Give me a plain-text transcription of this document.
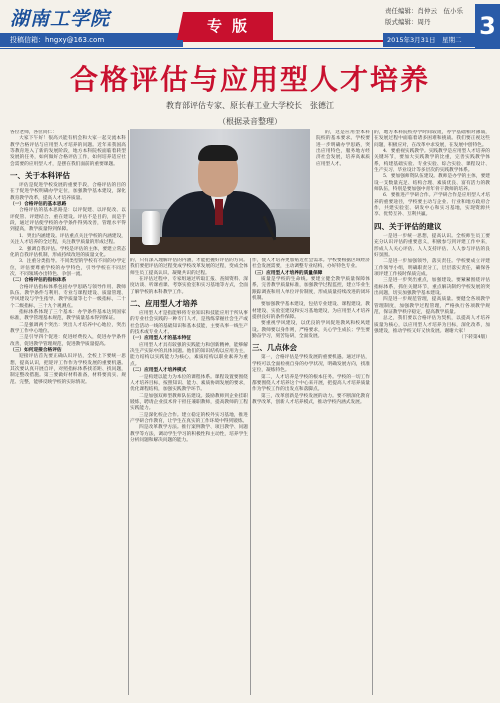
湖南工学院
投稿信箱：hngxy@163.com
专版
责任编辑：肖仲云　伍小乐
版式编辑：周丹
2015年3月31日　星期二 3
合格评估与应用型人才培养
教育部评估专家、原长春工业大学校长　张德江
（根据录音整理）

各位老师，各位同仁：

大家下午好！很高兴能有机会和大家一起交流本科教学合格评估与应用型人才培养的问题。近年来我国高等教育进入了新的发展阶段，地方本科院校面临着转型发展的任务，如何做好合格评估工作，如何培养适应社会需要的应用型人才，是摆在我们面前的重要课题。

一、关于本科评估

评估是促进学校发展的重要手段，合格评估的目的在于促进学校明确办学定位，加强教学基本建设，深化教育教学改革，提高人才培养质量。

（一）合格评估的基本思路

合格评估的基本思路是：以评促建、以评促改、以评促管、评建结合、重在建设。评估不是目的，而是手段，通过评估使学校的办学条件得到改善，管理水平得到提高，教学质量得到保障。

1．突出内涵建设。评估重点关注学校的内涵建设，关注人才培养的全过程，关注教学质量的形成过程。

2．强调自我评估。学校是评估的主体，要建立常态化的自我评估机制，形成持续改进的质量文化。

3．注重分类指导。不同类型的学校有不同的办学定位，评估要尊重学校的办学特色，引导学校在不同层次、不同领域办出特色、争创一流。

（二）合格评估的指标体系

合格评估指标体系包括办学思路与领导作用、教师队伍、教学条件与利用、专业与课程建设、质量管理、学风建设与学生指导、教学质量等七个一级指标，二十个二级指标，三十九个观测点。

指标体系体现了三个基本：办学条件基本达到国家标准，教学管理基本规范，教学质量基本得到保证。

二是强调两个突出：突出人才培养中心地位，突出教学工作中心地位。

三是引导四个促进：促进经费投入，促进办学条件改善，促进教学管理规范，促进教学质量提高。

（三）如何迎接合格评估

迎接评估首先要正确认识评估，全校上下要统一思想，提高认识，把迎评工作作为学校发展的重要机遇。其次要认真开展自评，对照指标体系找差距、找问题，制定整改措施。第三要做好材料准备，材料要真实、规范、完整，能够反映学校的实际情况。

的，这是应用型本科院校的基本要求。学校要进一步明确办学思路，突出应用特色，服务地方经济社会发展，培养高素质应用型人才。

的，只有深入理解评估的内涵，才能把握好评估的方向。我们要把评估的过程变成学校改革发展的过程，变成全体师生员工提高认识、凝聚共识的过程。

在评估过程中，专家组通过听取汇报、查阅资料、深度访谈、听课看课、考察实验室和实习基地等方式，全面了解学校的本科教学工作。

二、应用型人才培养

应用型人才是指能够将专业知识和技能应用于所从事的专业社会实践的一种专门人才，是熟练掌握社会生产或社会活动一线的基础知识和基本技能，主要从事一线生产的技术或专业人才。

（一）应用型人才的基本特征

应用型人才具有较强的实践能力和创新精神，能够解决生产实际中的具体问题。他们的知识结构以应用为主，能力结构以实践能力为核心，素质结构以职业素养为重点。

（二）应用型人才培养模式

一是构建以能力为本位的课程体系。课程设置要围绕人才培养目标，按照知识、能力、素质协调发展的要求，优化课程结构，加强实践教学环节。

二是加强双师型教师队伍建设。鼓励教师到企业挂职锻炼，聘请企业技术骨干担任兼职教师，提高教师的工程实践能力。

三是深化校企合作。建立稳定的校外实习基地，推进产学研合作教育，让学生在真实的工作环境中得到锻炼。

四是改革教学方法。推行案例教学、项目教学、问题教学等方法，调动学生学习的积极性和主动性，培养学生分析问题和解决问题的能力。

作，使人才培养更加贴近社会需求。学校要根据区域经济社会发展需要，主动调整专业结构，办好特色专业。

（三）应用型人才培养的质量保障

质量是学校的生命线。要建立健全教学质量保障体系，完善教学质量标准，加强教学过程监控，建立毕业生跟踪调查和用人单位评价制度，形成质量持续改进的闭环机制。

要加强教学基本建设，包括专业建设、课程建设、教材建设、实验室建设和实习基地建设，为应用型人才培养提供良好的条件保障。

要重视学风建设，以优良的学风促进教风和校风建设。教师要以身作则，严格要求，关心学生成长；学生要勤奋学习，刻苦钻研，全面发展。

三、几点体会

第一，合格评估是学校发展的重要机遇。通过评估，学校可以全面检视自身的办学状况，明确发展方向，找准定位，凝练特色。

第二，人才培养是学校的根本任务。学校的一切工作都要围绕人才培养这个中心来开展，把提高人才培养质量作为学校工作的出发点和落脚点。

第三，改革创新是学校发展的动力。要不断深化教育教学改革，创新人才培养模式，推动学校内涵式发展。

的，地方本科院校办学时间较短，办学基础相对薄弱，在发展过程中面临着诸多困难和挑战。我们要正视这些问题，积极应对，在改革中求发展，在发展中创特色。

4．要重视实践教学。实践教学是应用型人才培养的关键环节，要加大实践教学的比重，完善实践教学体系，构建基础实验、专业实验、综合实验、课程设计、生产实习、毕业设计等多层次的实践教学体系。

5．要加强师资队伍建设。教师是办学的主体，要建设一支数量充足、结构合理、素质优良、富有活力的教师队伍，特别是要加强中青年骨干教师的培养。

6．要推进产学研合作。产学研合作是应用型人才培养的重要途径，学校要主动与企业、行业和地方政府合作，共建实验室、研发中心和实习基地，实现资源共享、优势互补、互利共赢。

四、关于评估的建议

一是进一步统一思想，提高认识。全校师生员工要充分认识评估的重要意义，积极参与到评建工作中来，形成人人关心评估、人人支持评估、人人参与评估的良好氛围。

二是进一步加强领导，落实责任。学校要成立评建工作领导小组，明确职责分工，层层落实责任，确保各项评建工作按时保质完成。

三是进一步突出重点，加强建设。要紧紧围绕评估指标体系，抓住关键环节，重点解决制约学校发展的突出问题，切实加强教学基本建设。

四是进一步规范管理，提高质量。要健全各项教学管理制度，加强教学过程管理，严格执行各项教学规范，保证教学秩序稳定，提高教学质量。

总之，我们要以合格评估为契机，以提高人才培养质量为核心，以应用型人才培养为目标，深化改革，加强建设，推动学校又好又快发展。谢谢大家！

（下转第4版）
